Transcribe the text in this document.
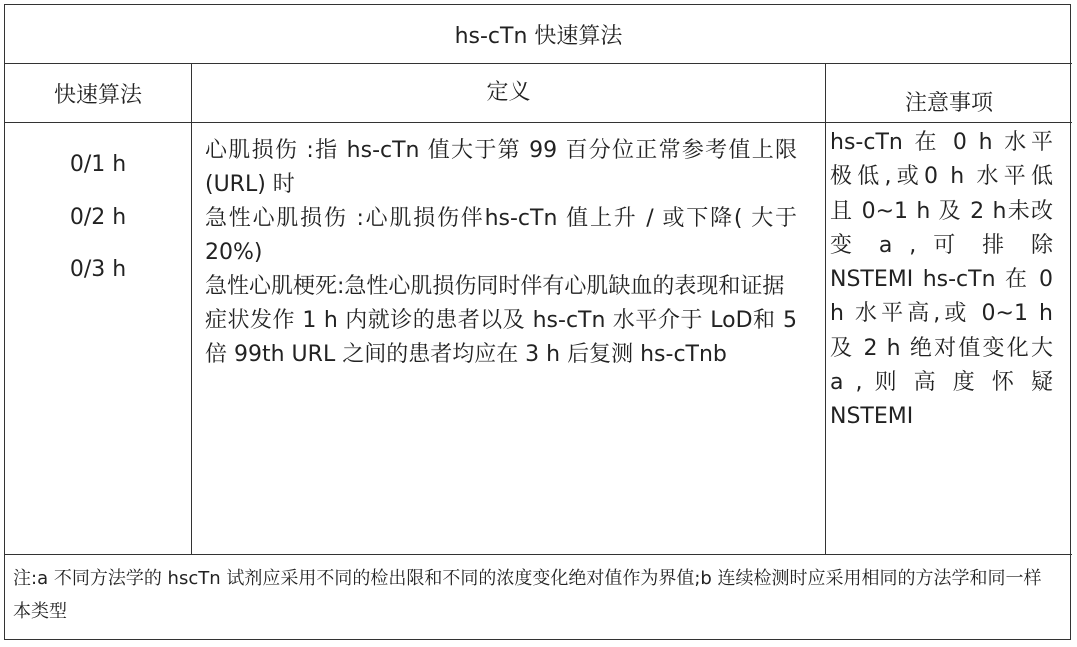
hs-cTn 快速算法
快速算法	定义	注意事项
0/1 h
0/2 h
0/3 h

心肌损伤 :指 hs-cTn 值大于第 99 百分位正常参考值上限(URL) 时

急性心肌损伤 :心肌损伤伴hs-cTn 值上升 / 或下降( 大于 20%)

急性心肌梗死:急性心肌损伤同时伴有心肌缺血的表现和证据

症状发作 1 h 内就诊的患者以及 hs-cTn 水平介于 LoD和 5 倍 99th URL 之间的患者均应在 3 h 后复测 hs-cTnb

hs-cTn 在 0 h 水平

极低,或0 h 水平低

且 0~1 h 及 2 h未改

变 a , 可 排 除

NSTEMI hs-cTn 在 0

h 水平高,或 0~1 h

及 2 h 绝对值变化大

a , 则 高 度 怀 疑

NSTEMI

注:a 不同方法学的 hscTn 试剂应采用不同的检出限和不同的浓度变化绝对值作为界值;b 连续检测时应采用相同的方法学和同一样本类型
